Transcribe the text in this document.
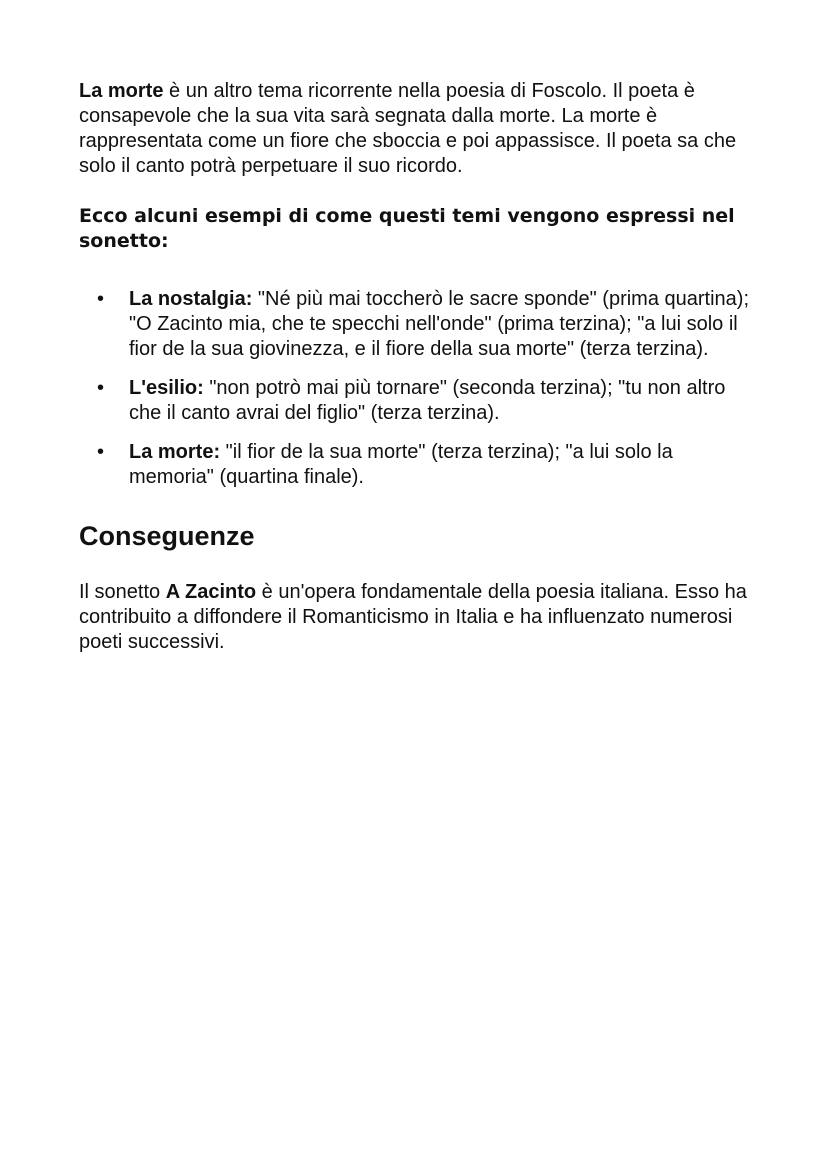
La morte è un altro tema ricorrente nella poesia di Foscolo. Il poeta è consapevole che la sua vita sarà segnata dalla morte. La morte è rappresentata come un fiore che sboccia e poi appassisce. Il poeta sa che solo il canto potrà perpetuare il suo ricordo.

Ecco alcuni esempi di come questi temi vengono espressi nel sonetto:

• La nostalgia: "Né più mai toccherò le sacre sponde" (prima quartina); "O Zacinto mia, che te specchi nell'onde" (prima terzina); "a lui solo il fior de la sua giovinezza, e il fiore della sua morte" (terza terzina).
• L'esilio: "non potrò mai più tornare" (seconda terzina); "tu non altro che il canto avrai del figlio" (terza terzina).
• La morte: "il fior de la sua morte" (terza terzina); "a lui solo la memoria" (quartina finale).
Conseguenze

Il sonetto A Zacinto è un'opera fondamentale della poesia italiana. Esso ha contribuito a diffondere il Romanticismo in Italia e ha influenzato numerosi poeti successivi.
